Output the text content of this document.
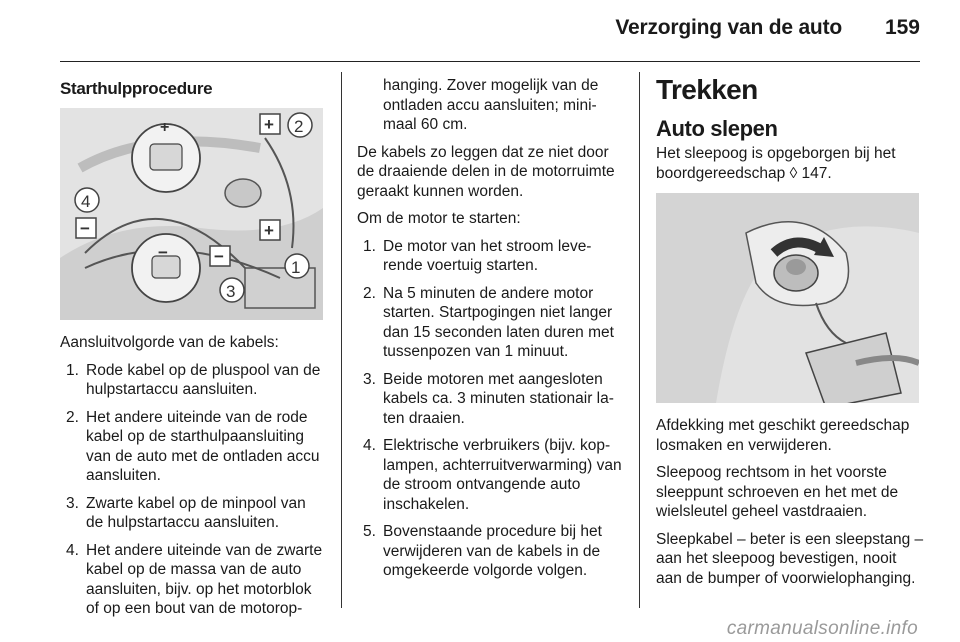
Verzorging van de auto 159
Starthulpprocedure
+	+ 2
4
−	+
−	−
1
3

Aansluitvolgorde van de kabels:

1. Rode kabel op de pluspool van de hulpstartaccu aansluiten.
2. Het andere uiteinde van de rode kabel op de starthulpaansluiting van de auto met de ontladen accu aansluiten.
3. Zwarte kabel op de minpool van de hulpstartaccu aansluiten.
4. Het andere uiteinde van de zwarte kabel op de massa van de auto aansluiten, bijv. op het motorblok of op een bout van de motorop-

hanging. Zover mogelijk van de ontladen accu aansluiten; mini-maal 60 cm.

De kabels zo leggen dat ze niet door de draaiende delen in de motorruimte geraakt kunnen worden.

Om de motor te starten:

1. De motor van het stroom leve-rende voertuig starten.
2. Na 5 minuten de andere motor starten. Startpogingen niet langer dan 15 seconden laten duren met tussenpozen van 1 minuut.
3. Beide motoren met aangesloten kabels ca. 3 minuten stationair la-ten draaien.
4. Elektrische verbruikers (bijv. kop-lampen, achterruitverwarming) van de stroom ontvangende auto inschakelen.
5. Bovenstaande procedure bij het verwijderen van de kabels in de omgekeerde volgorde volgen.
Trekken
Auto slepen

Het sleepoog is opgeborgen bij het boordgereedschap ◊ 147.

Afdekking met geschikt gereedschap losmaken en verwijderen.

Sleepoog rechtsom in het voorste sleeppunt schroeven en het met de wielsleutel geheel vastdraaien.

Sleepkabel – beter is een sleepstang – aan het sleepoog bevestigen, nooit aan de bumper of voorwielophanging.

carmanualsonline.info
